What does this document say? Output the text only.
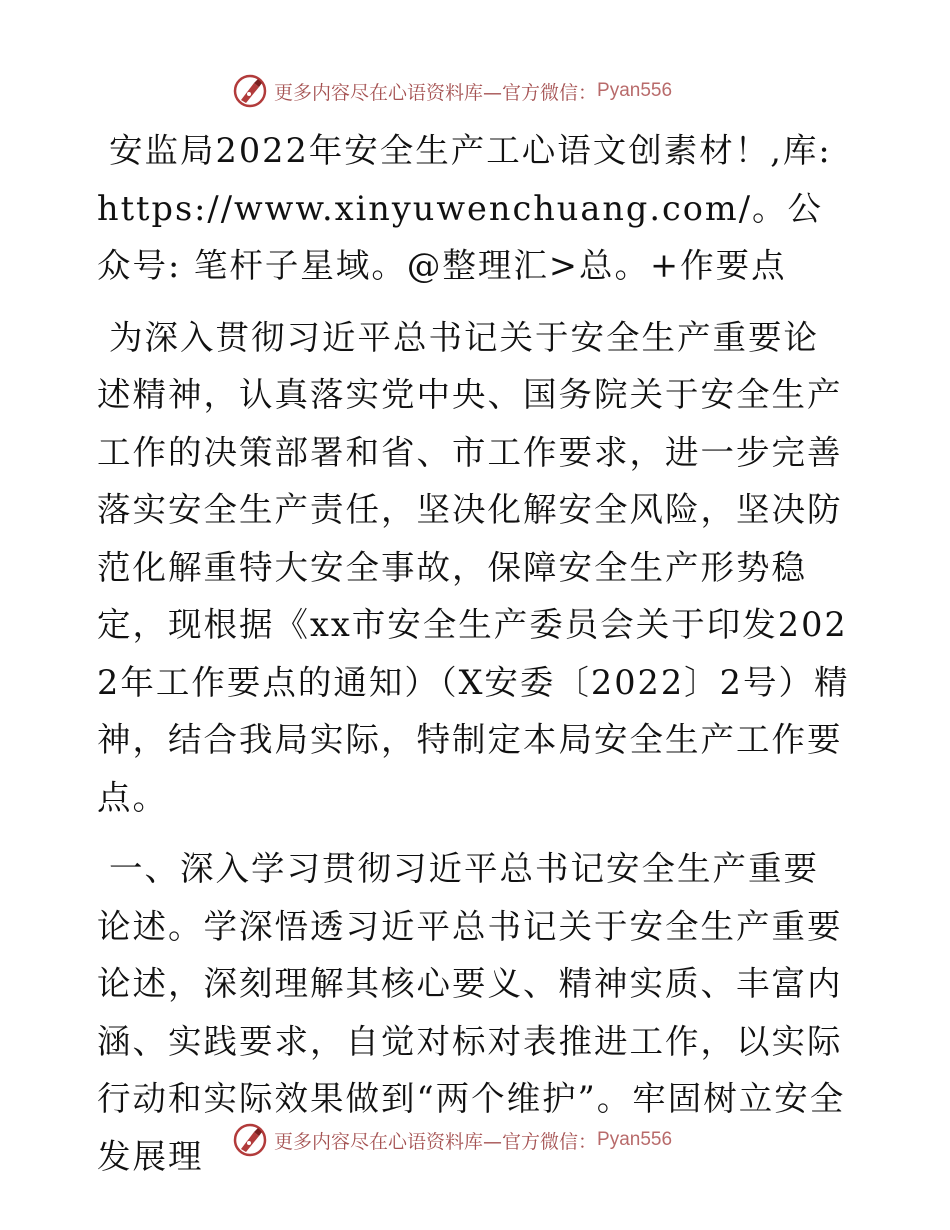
更多内容尽在心语资料库—官方微信： Pyan556

安监局2022年安全生产工心语文创素材！,库:https://www.xinyuwenchuang.com/。公众号: 笔杆子星域。@整理汇>总。+作要点

为深入贯彻习近平总书记关于安全生产重要论述精神，认真落实党中央、国务院关于安全生产工作的决策部署和省、市工作要求，进一步完善落实安全生产责任，坚决化解安全风险，坚决防范化解重特大安全事故，保障安全生产形势稳定，现根据《xx市安全生产委员会关于印发2022年工作要点的通知）（X安委〔2022〕2号）精神，结合我局实际，特制定本局安全生产工作要点。

一、深入学习贯彻习近平总书记安全生产重要论述。学深悟透习近平总书记关于安全生产重要论述，深刻理解其核心要义、精神实质、丰富内涵、实践要求，自觉对标对表推进工作，以实际行动和实际效果做到“两个维护”。牢固树立安全发展理	更多内容尽在心语资料库—官方微信： Pyan556
